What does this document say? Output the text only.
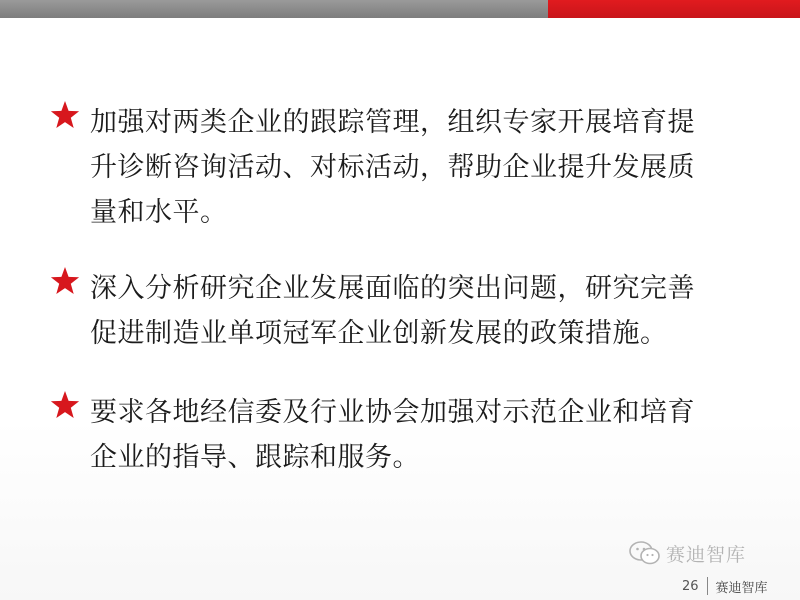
加强对两类企业的跟踪管理，组织专家开展培育提
升诊断咨询活动、对标活动，帮助企业提升发展质
量和水平。

深入分析研究企业发展面临的突出问题，研究完善
促进制造业单项冠军企业创新发展的政策措施。

要求各地经信委及行业协会加强对示范企业和培育
企业的指导、跟踪和服务。

赛迪智库
26	赛迪智库
